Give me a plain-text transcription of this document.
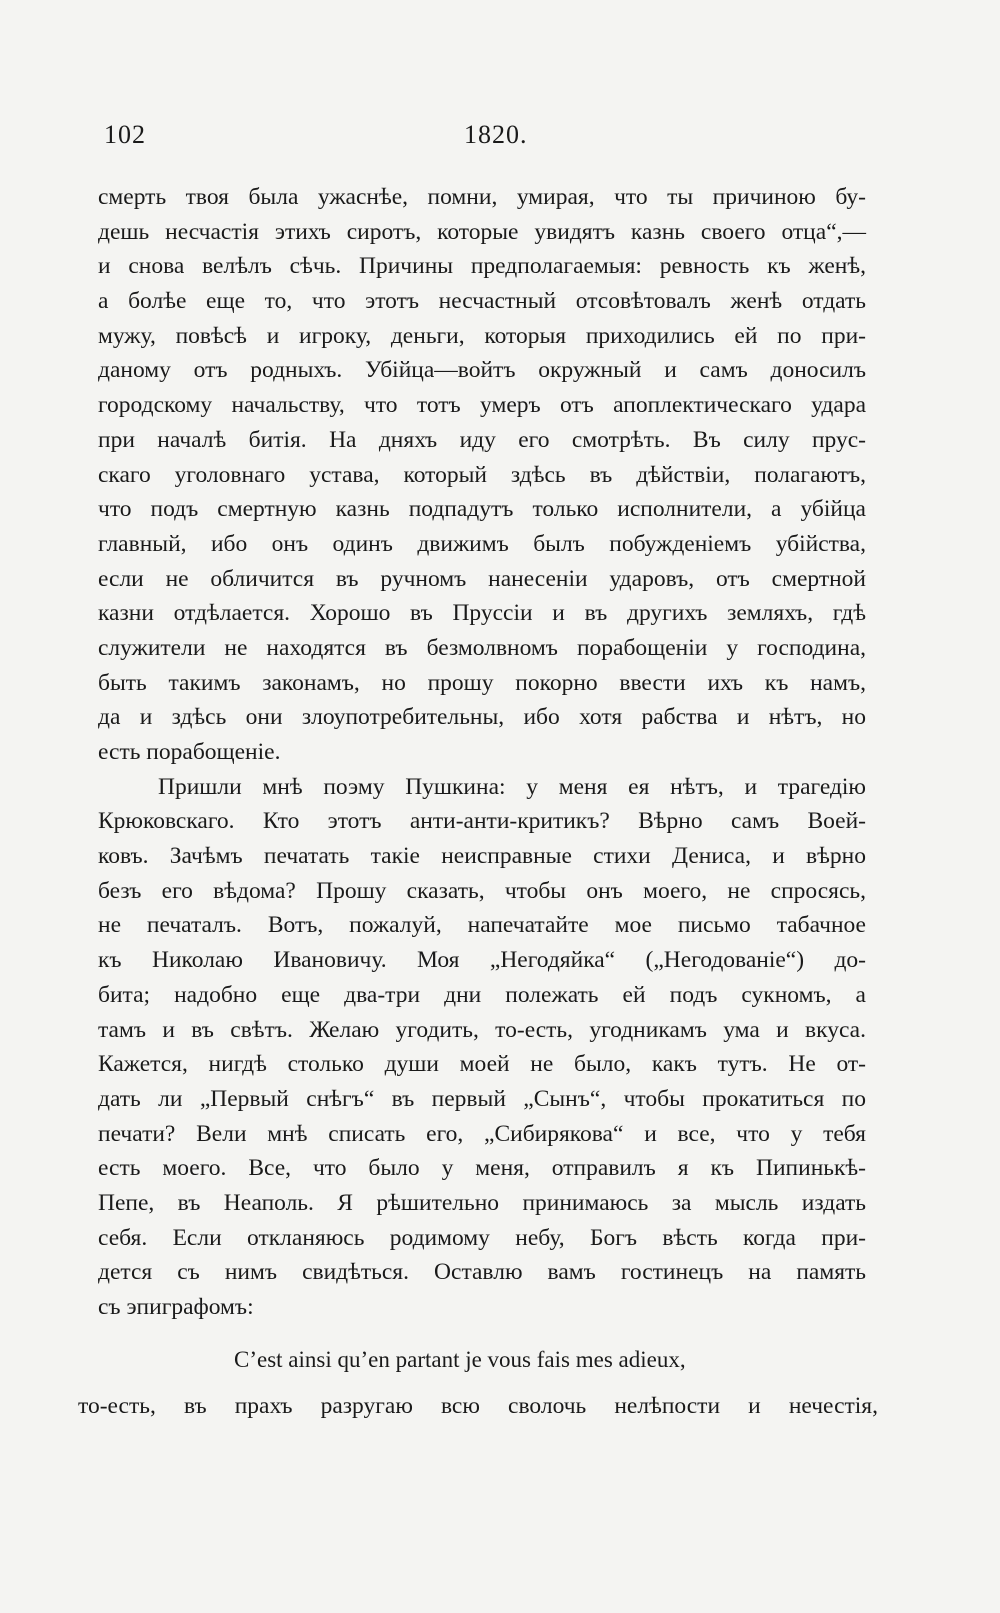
102	1820.
смерть твоя была ужаснѣе, помни, умирая, что ты причиною бу-
дешь несчастія этихъ сиротъ, которые увидятъ казнь своего отца“,—
и снова велѣлъ сѣчь. Причины предполагаемыя: ревность къ женѣ,
а болѣе еще то, что этотъ несчастный отсовѣтовалъ женѣ отдать
мужу, повѣсѣ и игроку, деньги, которыя приходились ей по при-
даному отъ родныхъ. Убійца—войтъ окружный и самъ доносилъ
городскому начальству, что тотъ умеръ отъ апоплектическаго удара
при началѣ битія. На дняхъ иду его смотрѣть. Въ силу прус-
скаго уголовнаго устава, который здѣсь въ дѣйствіи, полагаютъ,
что подъ смертную казнь подпадутъ только исполнители, а убійца
главный, ибо онъ одинъ движимъ былъ побужденіемъ убійства,
если не обличится въ ручномъ нанесеніи ударовъ, отъ смертной
казни отдѣлается. Хорошо въ Пруссіи и въ другихъ земляхъ, гдѣ
служители не находятся въ безмолвномъ порабощеніи у господина,
быть такимъ законамъ, но прошу покорно ввести ихъ къ намъ,
да и здѣсь они злоупотребительны, ибо хотя рабства и нѣтъ, но
есть порабощеніе.
Пришли мнѣ поэму Пушкина: у меня ея нѣтъ, и трагедію
Крюковскаго. Кто этотъ анти-анти-критикъ? Вѣрно самъ Воей-
ковъ. Зачѣмъ печатать такіе неисправные стихи Дениса, и вѣрно
безъ его вѣдома? Прошу сказать, чтобы онъ моего, не спросясь,
не печаталъ. Вотъ, пожалуй, напечатайте мое письмо табачное
къ Николаю Ивановичу. Моя „Негодяйка“ („Негодованіе“) до-
бита; надобно еще два-три дни полежать ей подъ сукномъ, а
тамъ и въ свѣтъ. Желаю угодить, то-есть, угодникамъ ума и вкуса.
Кажется, нигдѣ столько души моей не было, какъ тутъ. Не от-
дать ли „Первый снѣгъ“ въ первый „Сынъ“, чтобы прокатиться по
печати? Вели мнѣ списать его, „Сибирякова“ и все, что у тебя
есть моего. Все, что было у меня, отправилъ я къ Пипинькѣ-
Пепе, въ Неаполь. Я рѣшительно принимаюсь за мысль издать
себя. Если откланяюсь родимому небу, Богъ вѣсть когда при-
дется съ нимъ свидѣться. Оставлю вамъ гостинецъ на память
съ эпиграфомъ:
C’est ainsi qu’en partant je vous fais mes adieux,
то-есть, въ прахъ разругаю всю сволочь нелѣпости и нечестія,
